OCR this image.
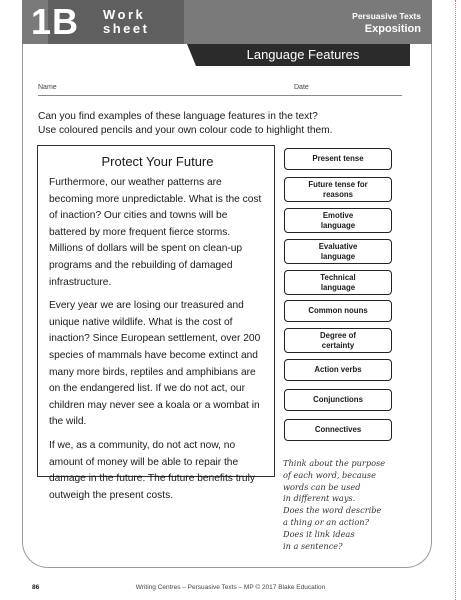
1B Work
sheet
Persuasive Texts
Exposition
Language Features
Name	Date
Can you find examples of these language features in the text?
Use coloured pencils and your own colour code to highlight them.
Protect Your Future

Furthermore, our weather patterns are becoming more unpredictable. What is the cost of inaction? Our cities and towns will be battered by more frequent fierce storms. Millions of dollars will be spent on clean-up programs and the rebuilding of damaged infrastructure.

Every year we are losing our treasured and unique native wildlife. What is the cost of inaction? Since European settlement, over 200 species of mammals have become extinct and many more birds, reptiles and amphibians are on the endangered list. If we do not act, our children may never see a koala or a wombat in the wild.

If we, as a community, do not act now, no amount of money will be able to repair the damage in the future. The future benefits truly outweigh the present costs.

Present tense
Future tense for reasons
Emotive language
Evaluative language
Technical language
Common nouns
Degree of certainty
Action verbs
Conjunctions
Connectives
Think about the purpose
of each word, because
words can be used
in different ways.
Does the word describe
a thing or an action?
Does it link ideas
in a sentence?
86	Writing Centres – Persuasive Texts – MP © 2017 Blake Education
